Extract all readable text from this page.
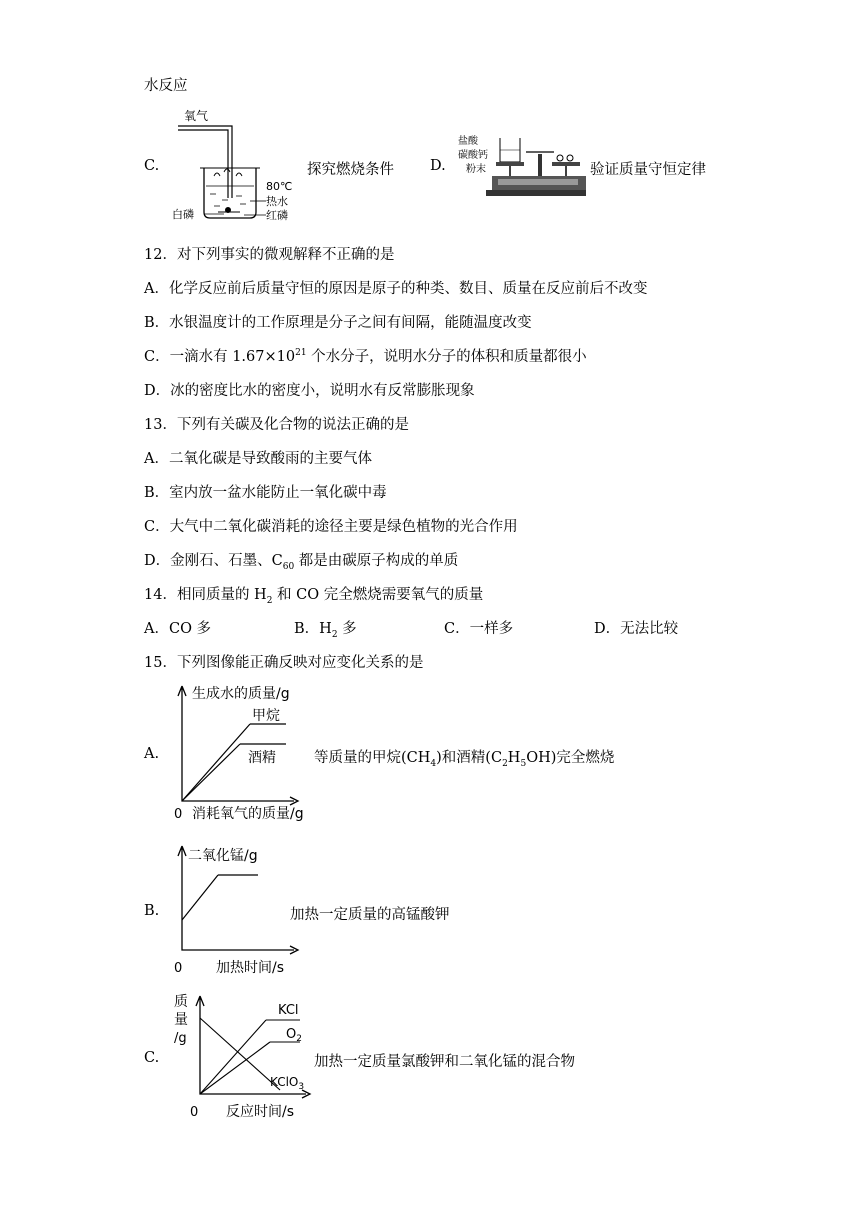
水反应
C.
氧气
80℃
热水
红磷
白磷
探究燃烧条件 D.
盐酸
碳酸钙
粉末	验证质量守恒定律
12．对下列事实的微观解释不正确的是
A．化学反应前后质量守恒的原因是原子的种类、数目、质量在反应前后不改变
B．水银温度计的工作原理是分子之间有间隔，能随温度改变
C．一滴水有 $1.67\times 10^{21}$ 个水分子，说明水分子的体积和质量都很小
D．冰的密度比水的密度小，说明水有反常膨胀现象
13．下列有关碳及化合物的说法正确的是
A．二氧化碳是导致酸雨的主要气体
B．室内放一盆水能防止一氧化碳中毒
C．大气中二氧化碳消耗的途径主要是绿色植物的光合作用
D．金刚石、石墨、$C_{60}$ 都是由碳原子构成的单质
14．相同质量的 $H_2$ 和 CO 完全燃烧需要氧气的质量
A．CO 多	B．$H_2$ 多	C．一样多	D．无法比较
15．下列图像能正确反映对应变化关系的是
A.
生成水的质量/g
0 消耗氧气的质量/g
甲烷
酒精	等质量的甲烷$(CH_4)$和酒精$(C_2H_5OH)$完全燃烧
B.
二氧化锰/g
0 加热时间/s
加热一定质量的高锰酸钾
C.
质
量
/g
0 反应时间/s
KCl
$O_2$
KClO$_3$
加热一定质量氯酸钾和二氧化锰的混合物
